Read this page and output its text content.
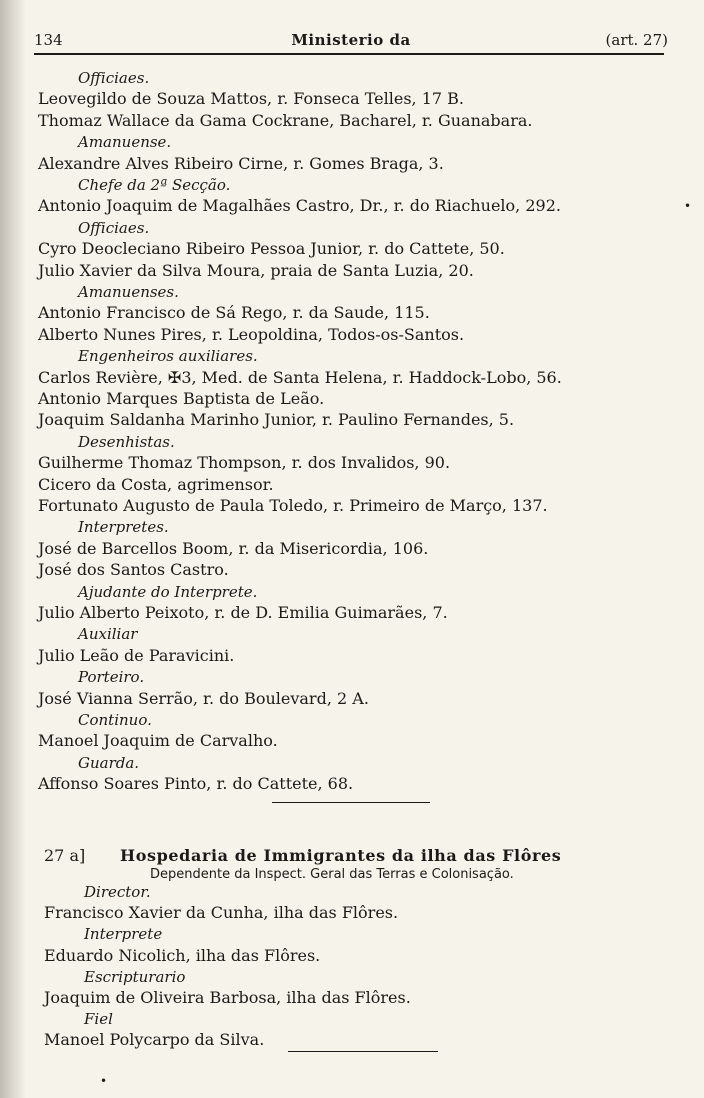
134	Ministerio da	(art. 27)
Officiaes.
Leovegildo de Souza Mattos, r. Fonseca Telles, 17 B.
Thomaz Wallace da Gama Cockrane, Bacharel, r. Guanabara.
Amanuense.
Alexandre Alves Ribeiro Cirne, r. Gomes Braga, 3.
Chefe da 2ª Secção.
Antonio Joaquim de Magalhães Castro, Dr., r. do Riachuelo, 292.
Officiaes.
Cyro Deocleciano Ribeiro Pessoa Junior, r. do Cattete, 50.
Julio Xavier da Silva Moura, praia de Santa Luzia, 20.
Amanuenses.
Antonio Francisco de Sá Rego, r. da Saude, 115.
Alberto Nunes Pires, r. Leopoldina, Todos-os-Santos.
Engenheiros auxiliares.
Carlos Revière, ✠3, Med. de Santa Helena, r. Haddock-Lobo, 56.
Antonio Marques Baptista de Leão.
Joaquim Saldanha Marinho Junior, r. Paulino Fernandes, 5.
Desenhistas.
Guilherme Thomaz Thompson, r. dos Invalidos, 90.
Cicero da Costa, agrimensor.
Fortunato Augusto de Paula Toledo, r. Primeiro de Março, 137.
Interpretes.
José de Barcellos Boom, r. da Misericordia, 106.
José dos Santos Castro.
Ajudante do Interprete.
Julio Alberto Peixoto, r. de D. Emilia Guimarães, 7.
Auxiliar
Julio Leão de Paravicini.
Porteiro.
José Vianna Serrão, r. do Boulevard, 2 A.
Continuo.
Manoel Joaquim de Carvalho.
Guarda.
Affonso Soares Pinto, r. do Cattete, 68.
27 a] Hospedaria de Immigrantes da ilha das Flôres
Dependente da Inspect. Geral das Terras e Colonisação.
Director.
Francisco Xavier da Cunha, ilha das Flôres.
Interprete
Eduardo Nicolich, ilha das Flôres.
Escripturario
Joaquim de Oliveira Barbosa, ilha das Flôres.
Fiel
Manoel Polycarpo da Silva.
•
•
